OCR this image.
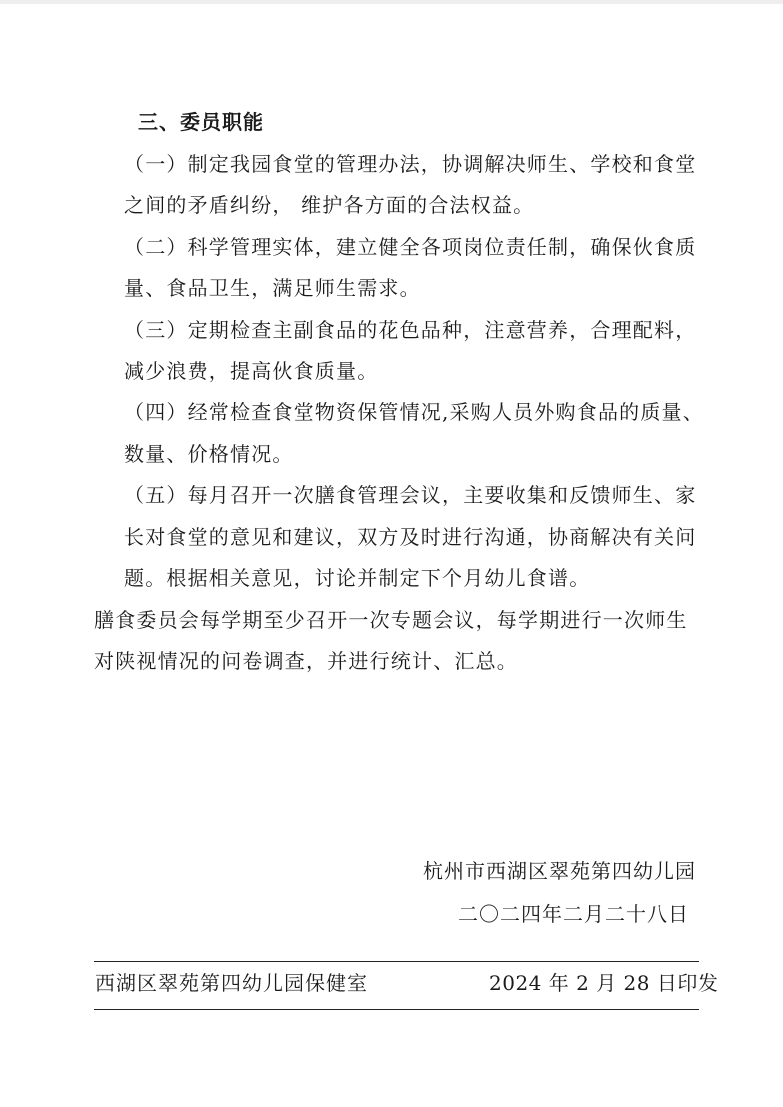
三、委员职能
（一）制定我园食堂的管理办法，协调解决师生、学校和食堂
之间的矛盾纠纷， 维护各方面的合法权益。
（二）科学管理实体，建立健全各项岗位责任制，确保伙食质
量、食品卫生，满足师生需求。
（三）定期检查主副食品的花色品种，注意营养，合理配料，
减少浪费，提高伙食质量。
（四）经常检查食堂物资保管情况,采购人员外购食品的质量、
数量、价格情况。
（五）每月召开一次膳食管理会议，主要收集和反馈师生、家
长对食堂的意见和建议，双方及时进行沟通，协商解决有关问
题。根据相关意见，讨论并制定下个月幼儿食谱。
膳食委员会每学期至少召开一次专题会议，每学期进行一次师生
对陕视情况的问卷调查，并进行统计、汇总。
杭州市西湖区翠苑第四幼儿园
二〇二四年二月二十八日
西湖区翠苑第四幼儿园保健室	2024 年 2 月 28 日印发
